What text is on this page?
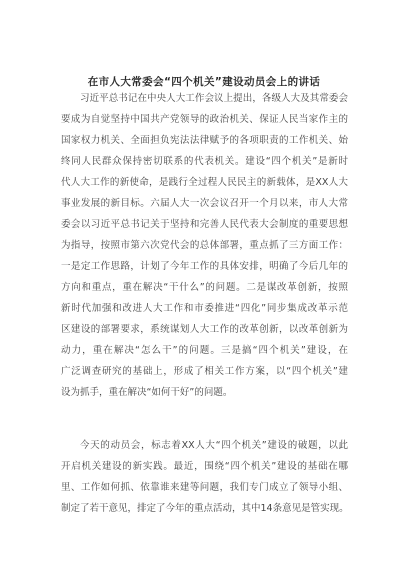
在市人大常委会“四个机关”建设动员会上的讲话
习近平总书记在中央人大工作会议上提出，各级人大及其常委会
要成为自觉坚持中国共产党领导的政治机关、保证人民当家作主的
国家权力机关、全面担负宪法法律赋予的各项职责的工作机关、始
终同人民群众保持密切联系的代表机关。建设“四个机关”是新时
代人大工作的新使命，是践行全过程人民民主的新载体，是XX人大
事业发展的新目标。六届人大一次会议召开一个月以来，市人大常
委会以习近平总书记关于坚持和完善人民代表大会制度的重要思想
为指导，按照市第六次党代会的总体部署，重点抓了三方面工作：
一是定工作思路，计划了今年工作的具体安排，明确了今后几年的
方向和重点，重在解决“干什么”的问题。二是谋改革创新，按照
新时代加强和改进人大工作和市委推进“四化”同步集成改革示范
区建设的部署要求，系统谋划人大工作的改革创新，以改革创新为
动力，重在解决“怎么干”的问题。三是搞“四个机关”建设，在
广泛调查研究的基础上，形成了相关工作方案，以“四个机关”建
设为抓手，重在解决“如何干好”的问题。
今天的动员会，标志着XX人大“四个机关”建设的破题，以此
开启机关建设的新实践。最近，围绕“四个机关”建设的基础在哪
里、工作如何抓、依靠谁来建等问题，我们专门成立了领导小组、
制定了若干意见，排定了今年的重点活动，其中14条意见是管实现。
